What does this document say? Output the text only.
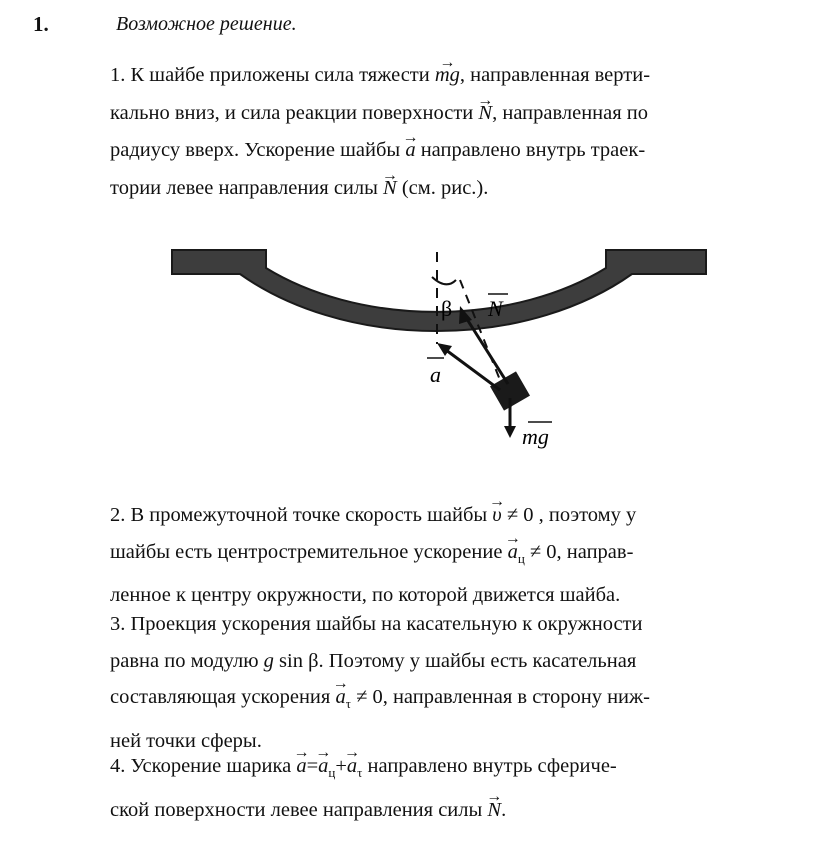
1.	Возможное решение.

1. К шайбе приложены сила тяжести → mg, направленная верти-
кально вниз, и сила реакции поверхности → N, направленная по
радиусу вверх. Ускорение шайбы → a направлено внутрь траек-
тории левее направления силы → N (см. рис.).

β N
a
mg

2. В промежуточной точке скорость шайбы → υ ≠ 0 , поэтому у
шайбы есть центростремительное ускорение → $a_ц \ne 0$, направ-
ленное к центру окружности, по которой движется шайба.

3. Проекция ускорения шайбы на касательную к окружности
равна по модулю g sin β. Поэтому у шайбы есть касательная
составляющая ускорения → $a_\tau \ne 0$, направленная в сторону ниж-
ней точки сферы.

4. Ускорение шарика → $a=\to a_ц+\to a_\tau$ направлено внутрь сфериче-
ской поверхности левее направления силы → N.
